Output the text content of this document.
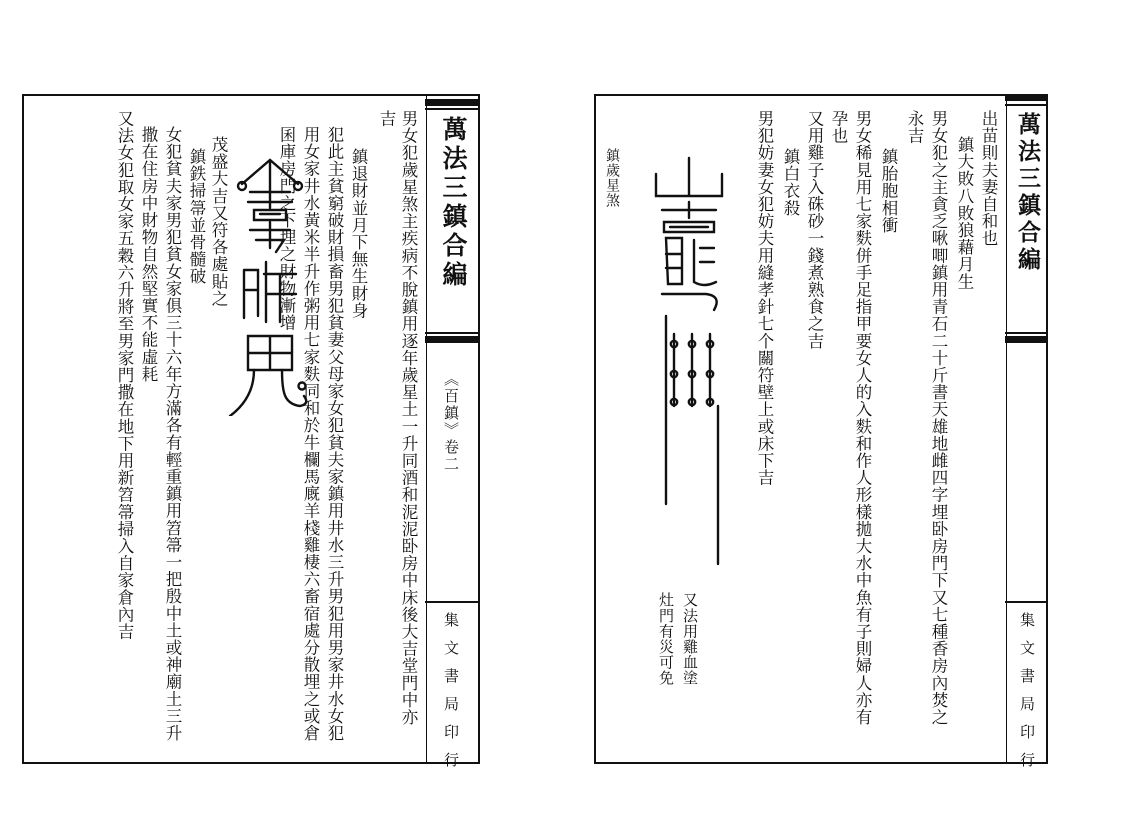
男女犯歲星煞主疾病不脫鎮用逐年歲星土一升同酒和泥泥卧房中床後大吉堂門中亦
吉
鎮退財並月下無生財身
犯此主貧窮破財損畜男犯貧妻父母家女犯貧夫家鎮用井水三升男犯用男家井水女犯
用女家井水黃米半升作粥用七家麩同和於牛欄馬廐羊棧雞棲六畜宿處分散埋之或倉
囷庫房門之下埋之財物漸增
茂盛大吉又符各處貼之
鎮鉄掃箒並骨髓破
女犯貧夫家男犯貧女家俱三十六年方滿各有輕重鎮用笤箒一把殷中土或神廟土三升
撒在住房中財物自然堅實不能虛耗
又法女犯取女家五穀六升將至男家門撒在地下用新笤箒掃入自家倉內吉	萬法三鎮合編
《百鎮》卷二
集文書局印行
出苗則夫妻自和也
鎮大敗八敗狼藉月生
男女犯之主貪乏啾唧鎮用青石二十斤書天雄地雌四字埋卧房門下又七種香房內焚之
永吉
鎮胎胞相衝
男女稀見用七家麩併手足指甲要女人的入麩和作人形樣拋大水中魚有子則婦人亦有
孕也
又用雞子入硃砂一錢煮熟食之吉
鎮白衣殺
男犯妨妻女犯妨夫用縫孝針七个關符壁上或床下吉
又法用雞血塗
灶門有災可免
鎮歲星煞	萬法三鎮合編
集文書局印行
